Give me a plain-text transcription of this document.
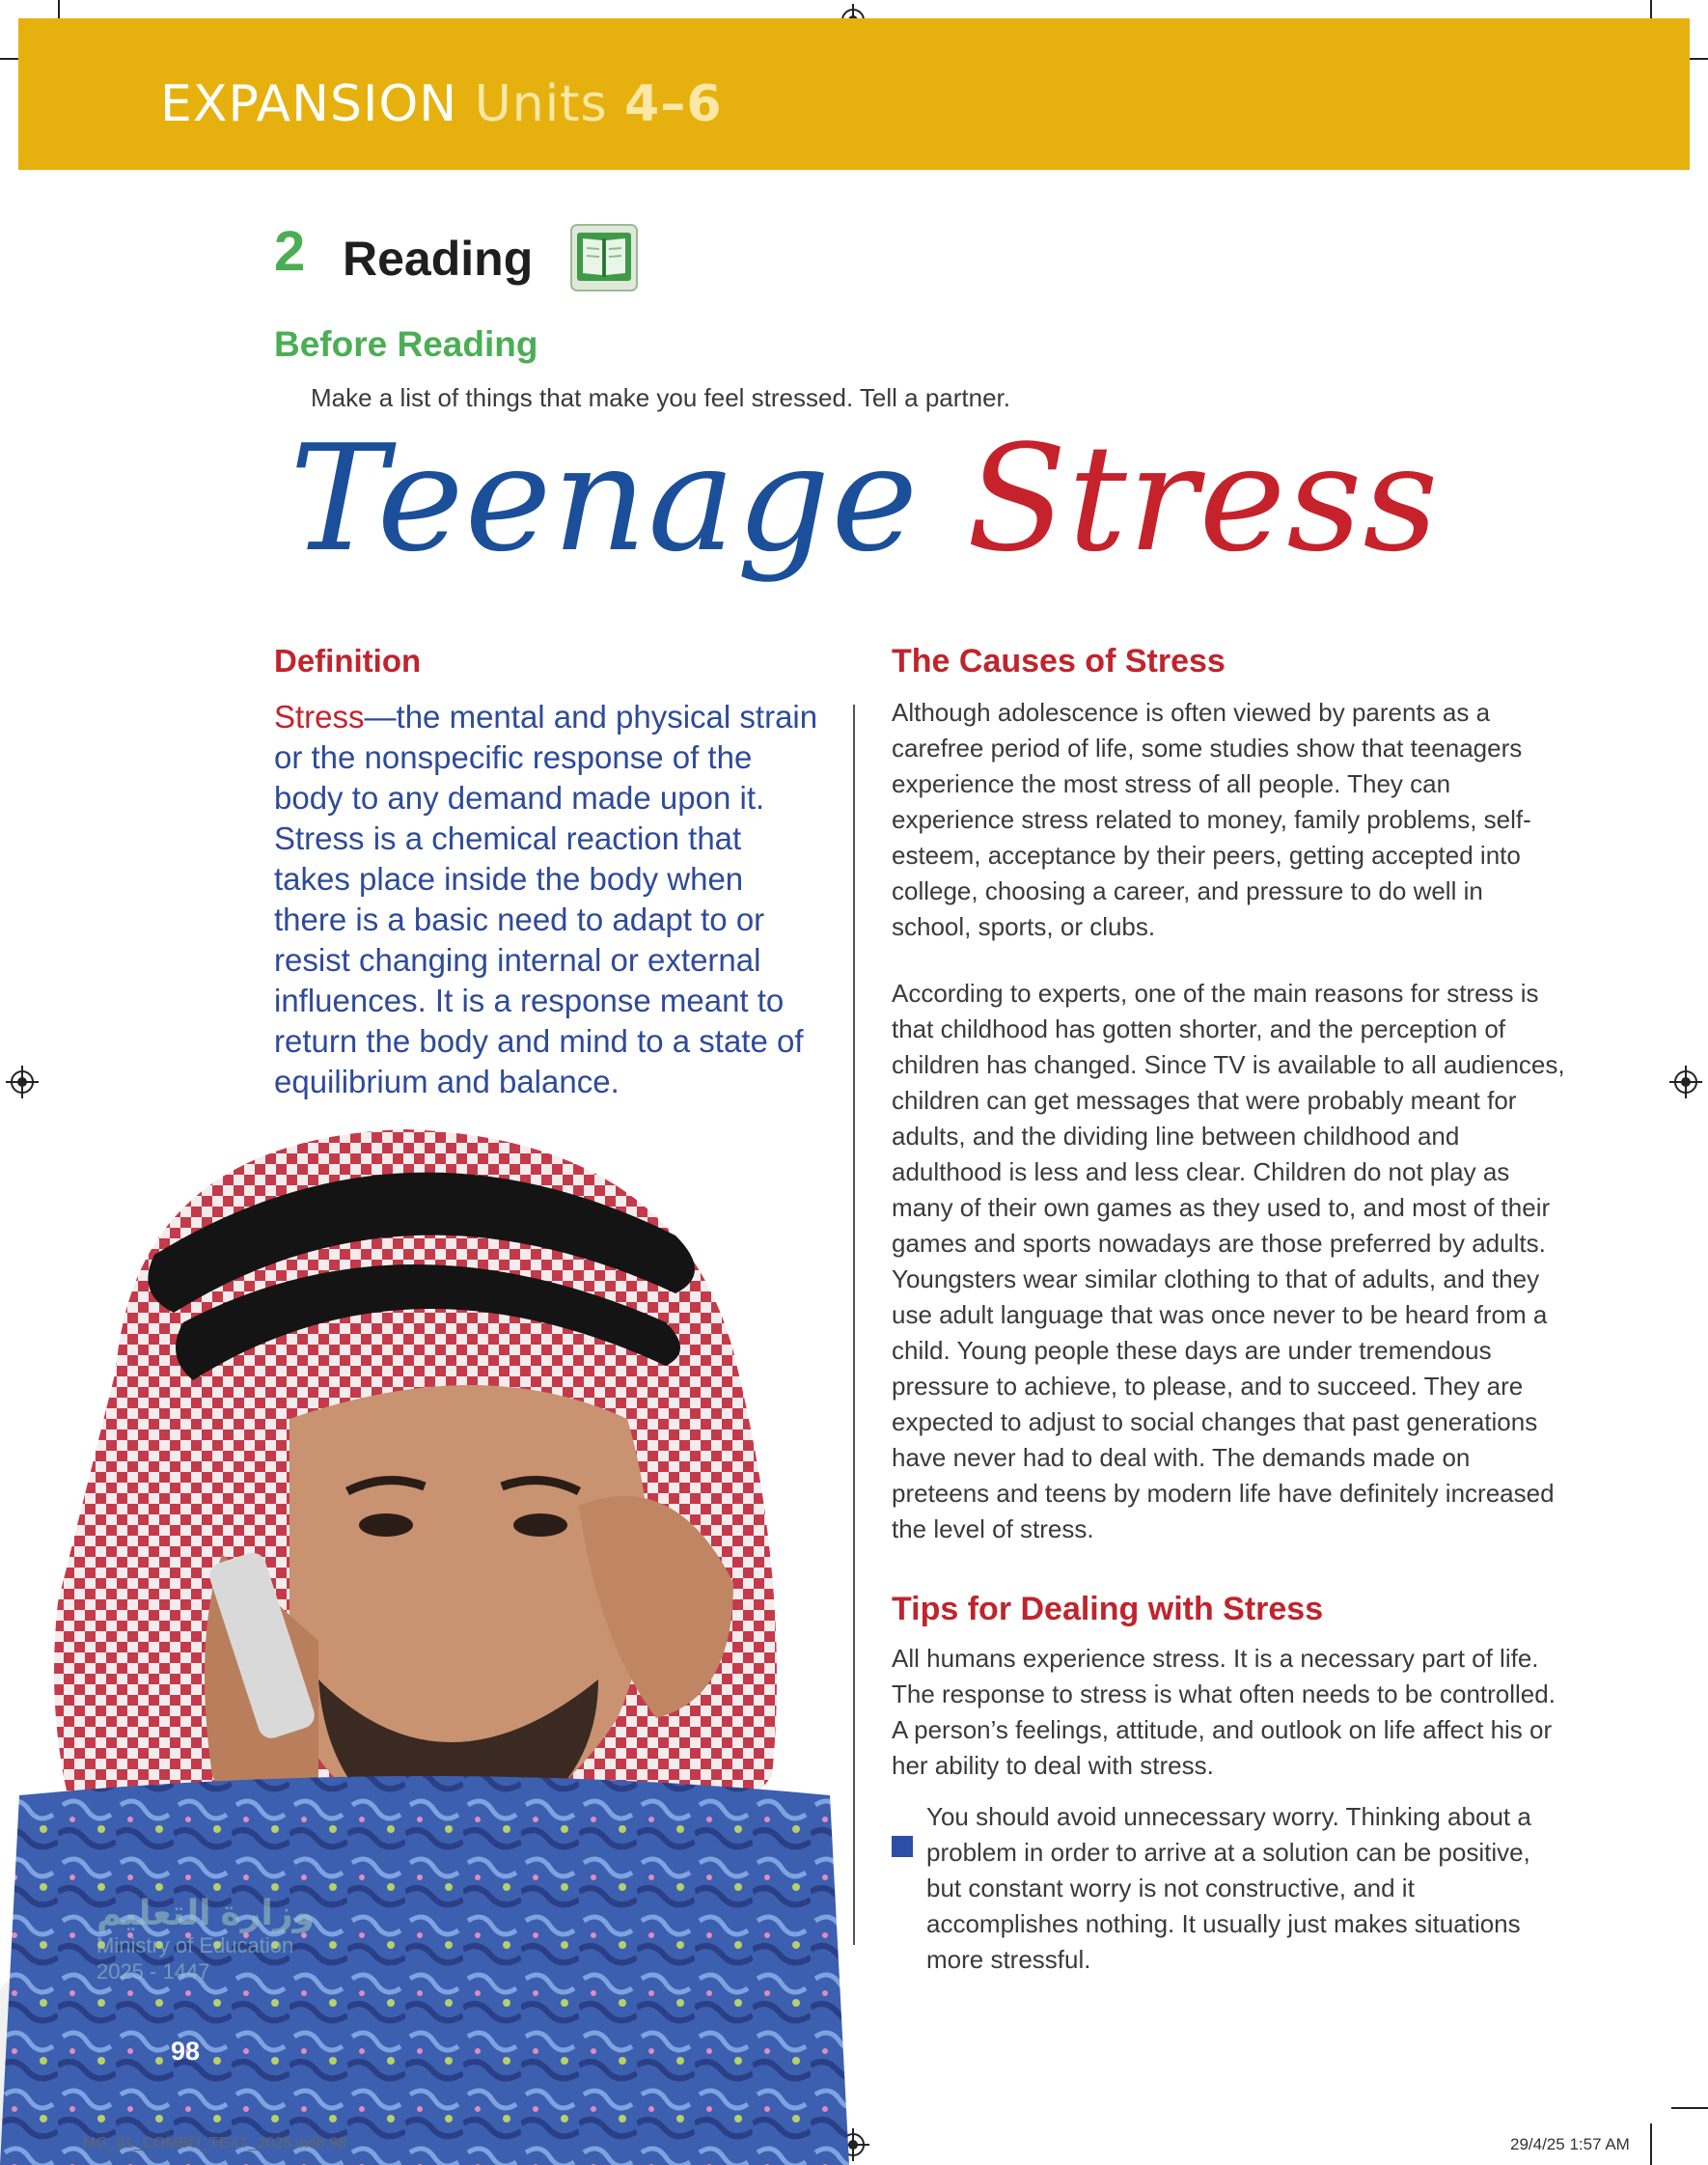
EXPANSION Units 4–6
2 Reading
Before Reading
Make a list of things that make you feel stressed. Tell a partner.
Teenage Stress
Definition
Stress—the mental and physical strain or the nonspecific response of the body to any demand made upon it. Stress is a chemical reaction that takes place inside the body when there is a basic need to adapt to or resist changing internal or external influences. It is a response meant to return the body and mind to a state of equilibrium and balance.
وزارة التعليم
Ministry of Education
2025 - 1447
98
The Causes of Stress
Although adolescence is often viewed by parents as a carefree period of life, some studies show that teenagers experience the most stress of all people. They can experience stress related to money, family problems, self-esteem, acceptance by their peers, getting accepted into college, choosing a career, and pressure to do well in school, sports, or clubs.
According to experts, one of the main reasons for stress is that childhood has gotten shorter, and the perception of children has changed. Since TV is available to all audiences, children can get messages that were probably meant for adults, and the dividing line between childhood and adulthood is less and less clear. Children do not play as many of their own games as they used to, and most of their games and sports nowadays are those preferred by adults. Youngsters wear similar clothing to that of adults, and they use adult language that was once never to be heard from a child. Young people these days are under tremendous pressure to achieve, to please, and to succeed. They are expected to adjust to social changes that past generations have never had to deal with. The demands made on preteens and teens by modern life have definitely increased the level of stress.
Tips for Dealing with Stress
All humans experience stress. It is a necessary part of life. The response to stress is what often needs to be controlled. A person’s feelings, attitude, and outlook on life affect his or her ability to deal with stress.
You should avoid unnecessary worry. Thinking about a problem in order to arrive at a solution can be positive, but constant worry is not constructive, and it accomplishes nothing. It usually just makes situations more stressful.
MG_01_COMBO_TEXT_2025.indb 98	29/4/25 1:57 AM
